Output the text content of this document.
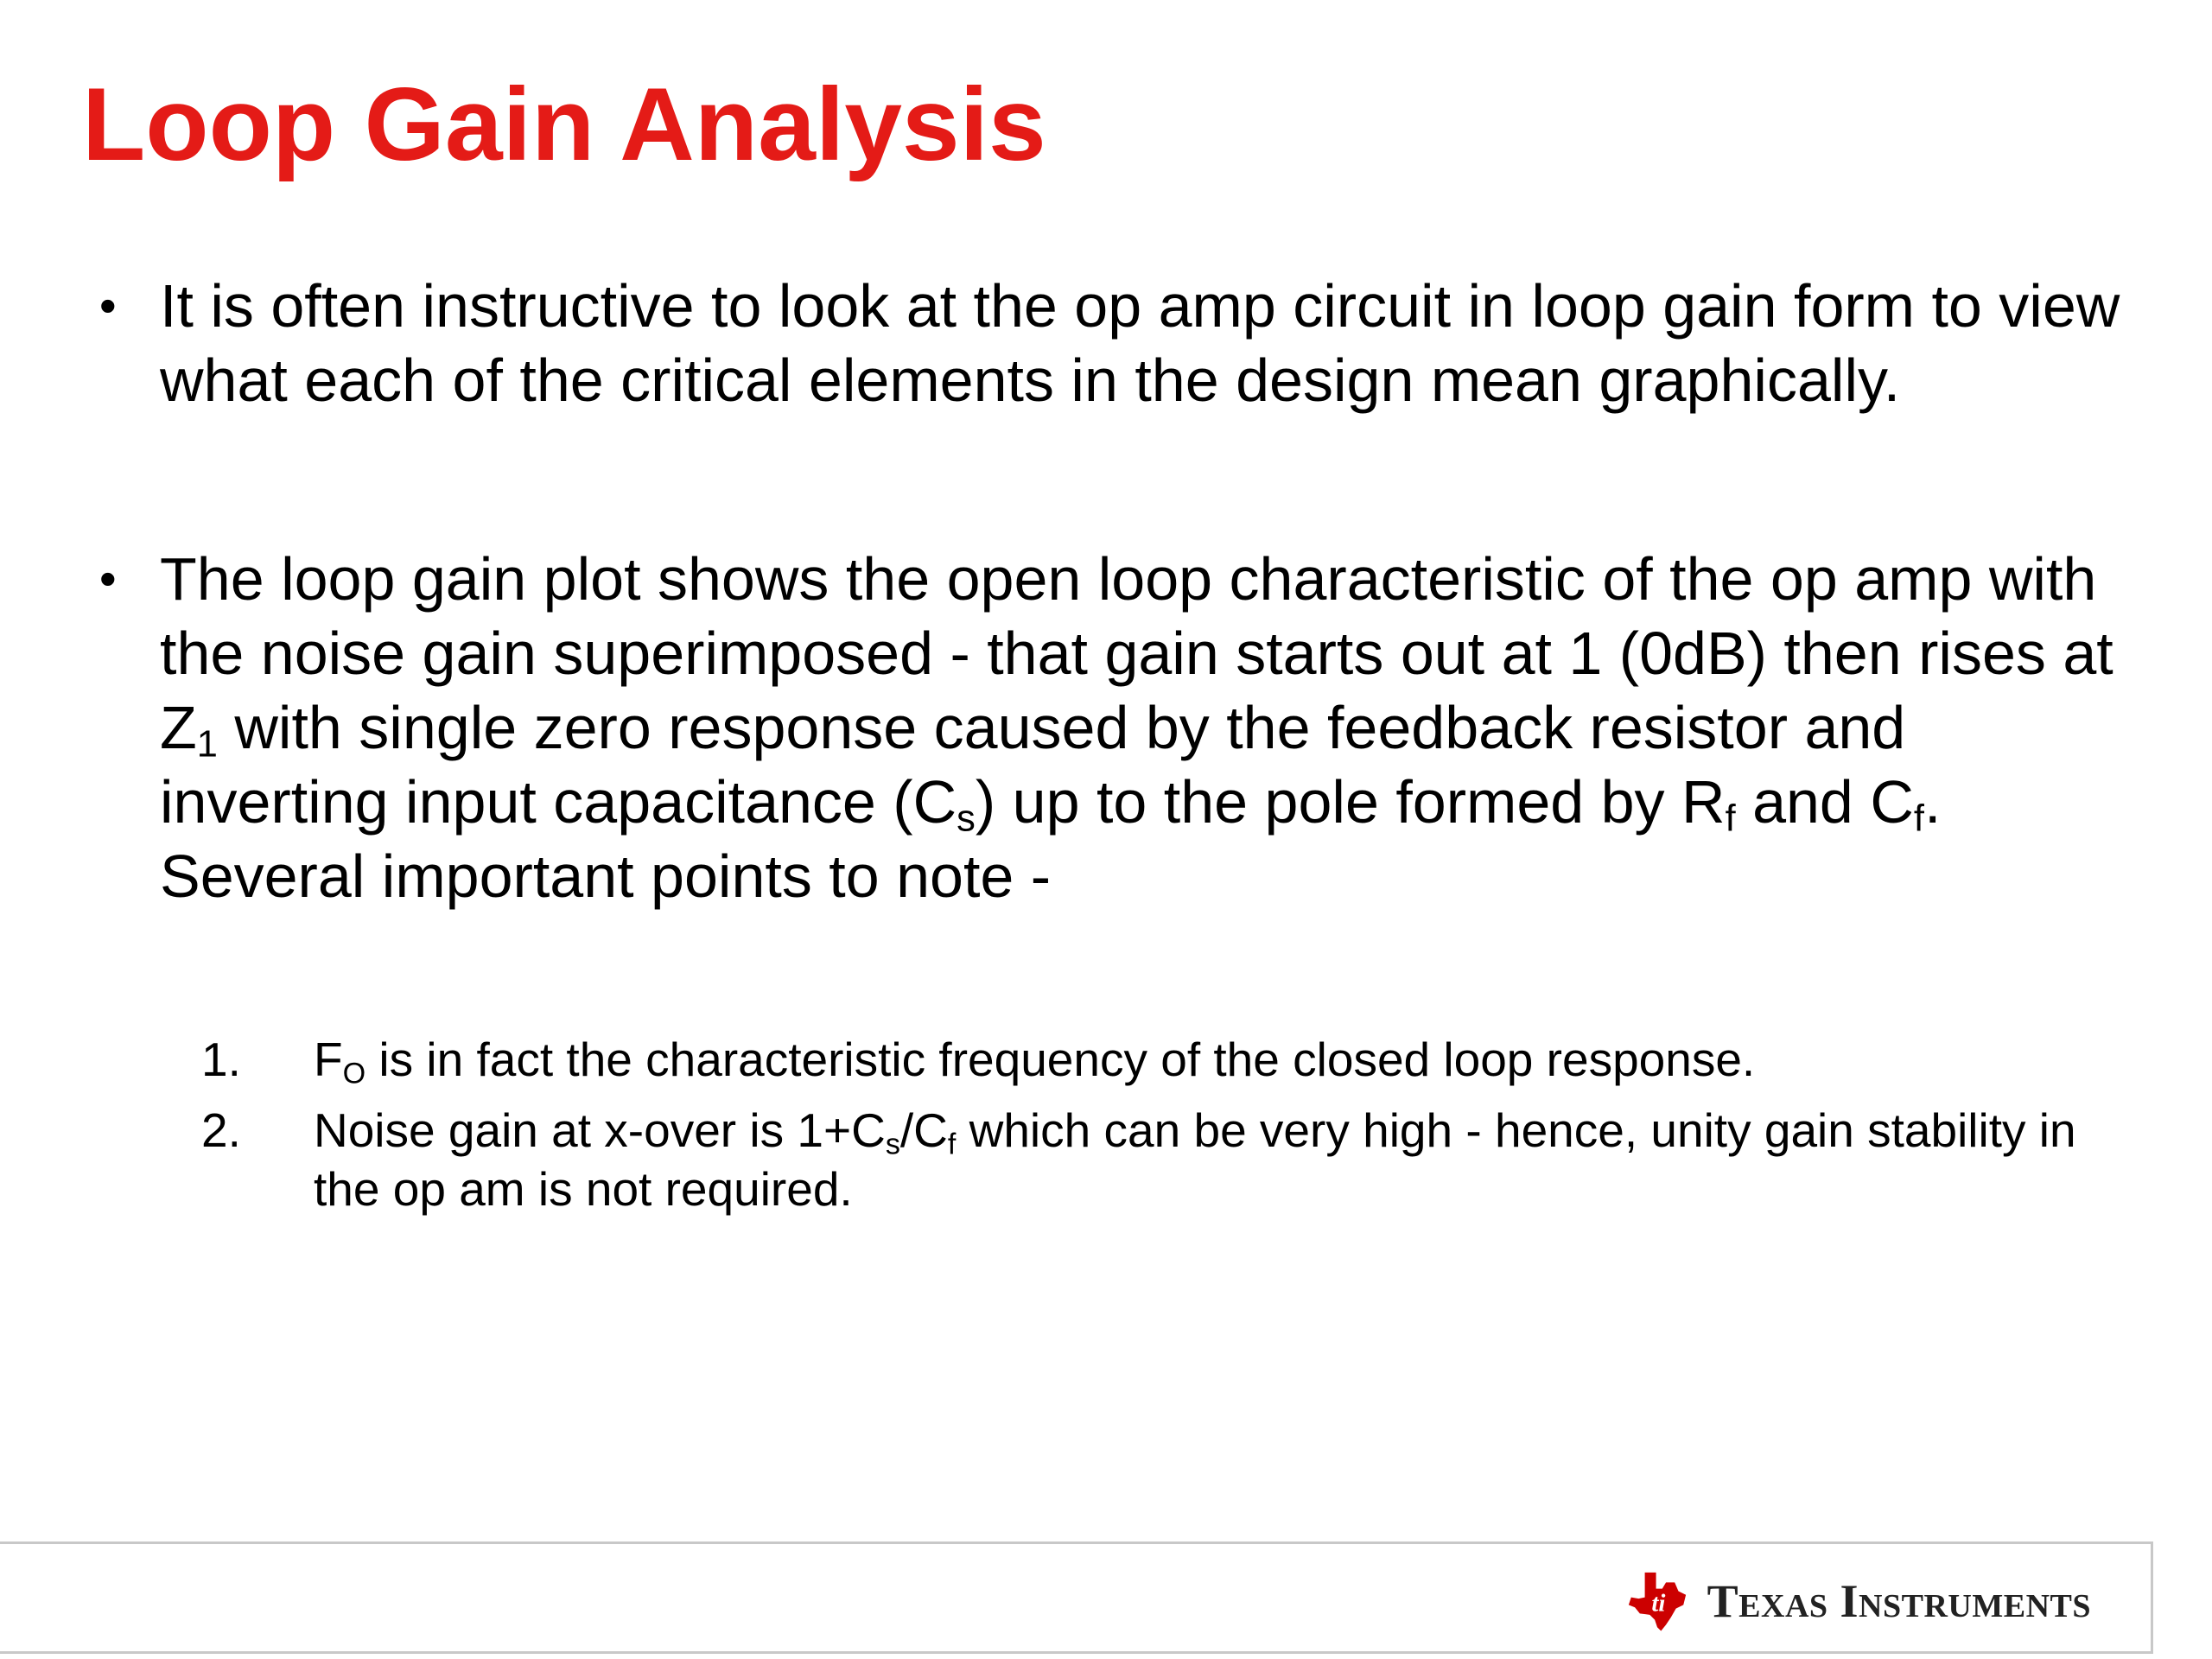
Loop Gain Analysis
• It is often instructive to look at the op amp circuit in loop gain form to view what each of the critical elements in the design mean graphically.
• The loop gain plot shows the open loop characteristic of the op amp with the noise gain superimposed - that gain starts out at 1 (0dB) then rises at $Z_1$ with single zero response caused by the feedback resistor and inverting input capacitance $(C_s)$ up to the pole formed by $R_f$ and $C_f$. Several important points to note -
1. $F_O$ is in fact the characteristic frequency of the closed loop response.
2. Noise gain at x-over is $1+C_s/C_f$ which can be very high - hence, unity gain stability in the op am is not required.
ti Texas Instruments
